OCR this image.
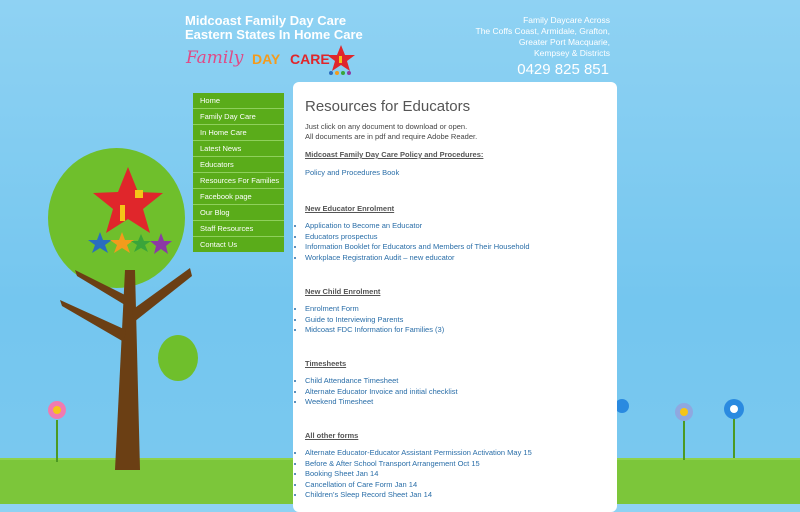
Midcoast Family Day Care
Eastern States In Home Care
Family DAY CARE
Family Daycare Across
The Coffs Coast, Armidale, Grafton,
Greater Port Macquarie,
Kempsey & Districts
0429 825 851
Home
Family Day Care
In Home Care
Latest News
Educators
Resources For Families
Facebook page
Our Blog
Staff Resources
Contact Us
Resources for Educators
Just click on any document to download or open.
All documents are in pdf and require Adobe Reader.
Midcoast Family Day Care Policy and Procedures:
Policy and Procedures Book
New Educator Enrolment
• Application to Become an Educator
• Educators prospectus
• Information Booklet for Educators and Members of Their Household
• Workplace Registration Audit – new educator
New Child Enrolment
• Enrolment Form
• Guide to Interviewing Parents
• Midcoast FDC Information for Families (3)
Timesheets
• Child Attendance Timesheet
• Alternate Educator Invoice and initial checklist
• Weekend Timesheet
All other forms
• Alternate Educator-Educator Assistant Permission Activation May 15
• Before & After School Transport Arrangement Oct 15
• Booking Sheet Jan 14
• Cancellation of Care Form Jan 14
• Children’s Sleep Record Sheet Jan 14
